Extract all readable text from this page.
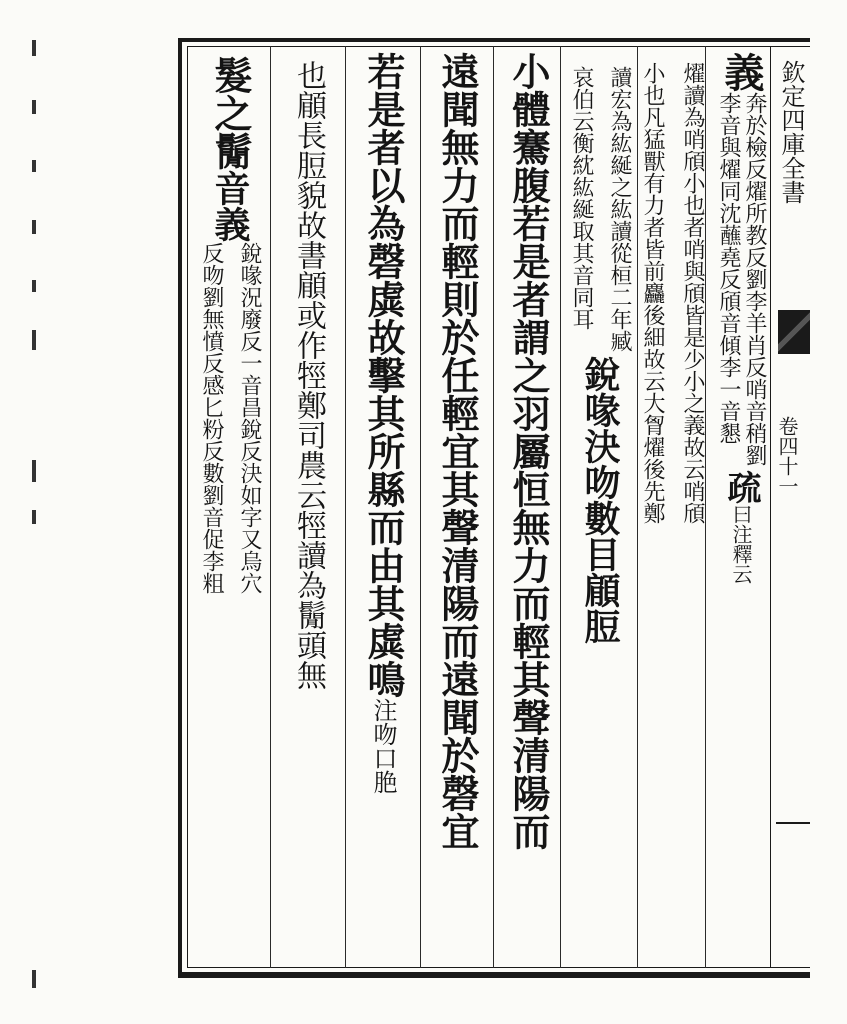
欽定四庫全書
卷四十一
義
奔於檢反燿所教反劉李羊肖反哨音稍劉
李音與燿同沈蘸堯反頎音傾李一音懇
疏
曰注釋云
燿讀為哨頎小也者哨與頎皆是少小之義故云哨頎
小也凡猛獸有力者皆前麤後細故云大胷燿後先鄭
讀宏為紘綖之紘讀從桓二年臧
哀伯云衡紞紘綖取其音同耳
銳喙決吻數目顅脰
小體騫腹若是者謂之羽屬恒無力而輕其聲清陽而
遠聞無力而輕則於任輕宜其聲清陽而遠聞於磬宜
若是者以為磬虡故擊其所縣而由其虡鳴
注吻口
脃
也顅長脰貌故書顅或作牼鄭司農云牼讀為鬜頭無
髮之鬜
音義
銳喙況廢反一音昌銳反決如字又烏穴
反吻劉無憤反感匕粉反數劉音促李粗
